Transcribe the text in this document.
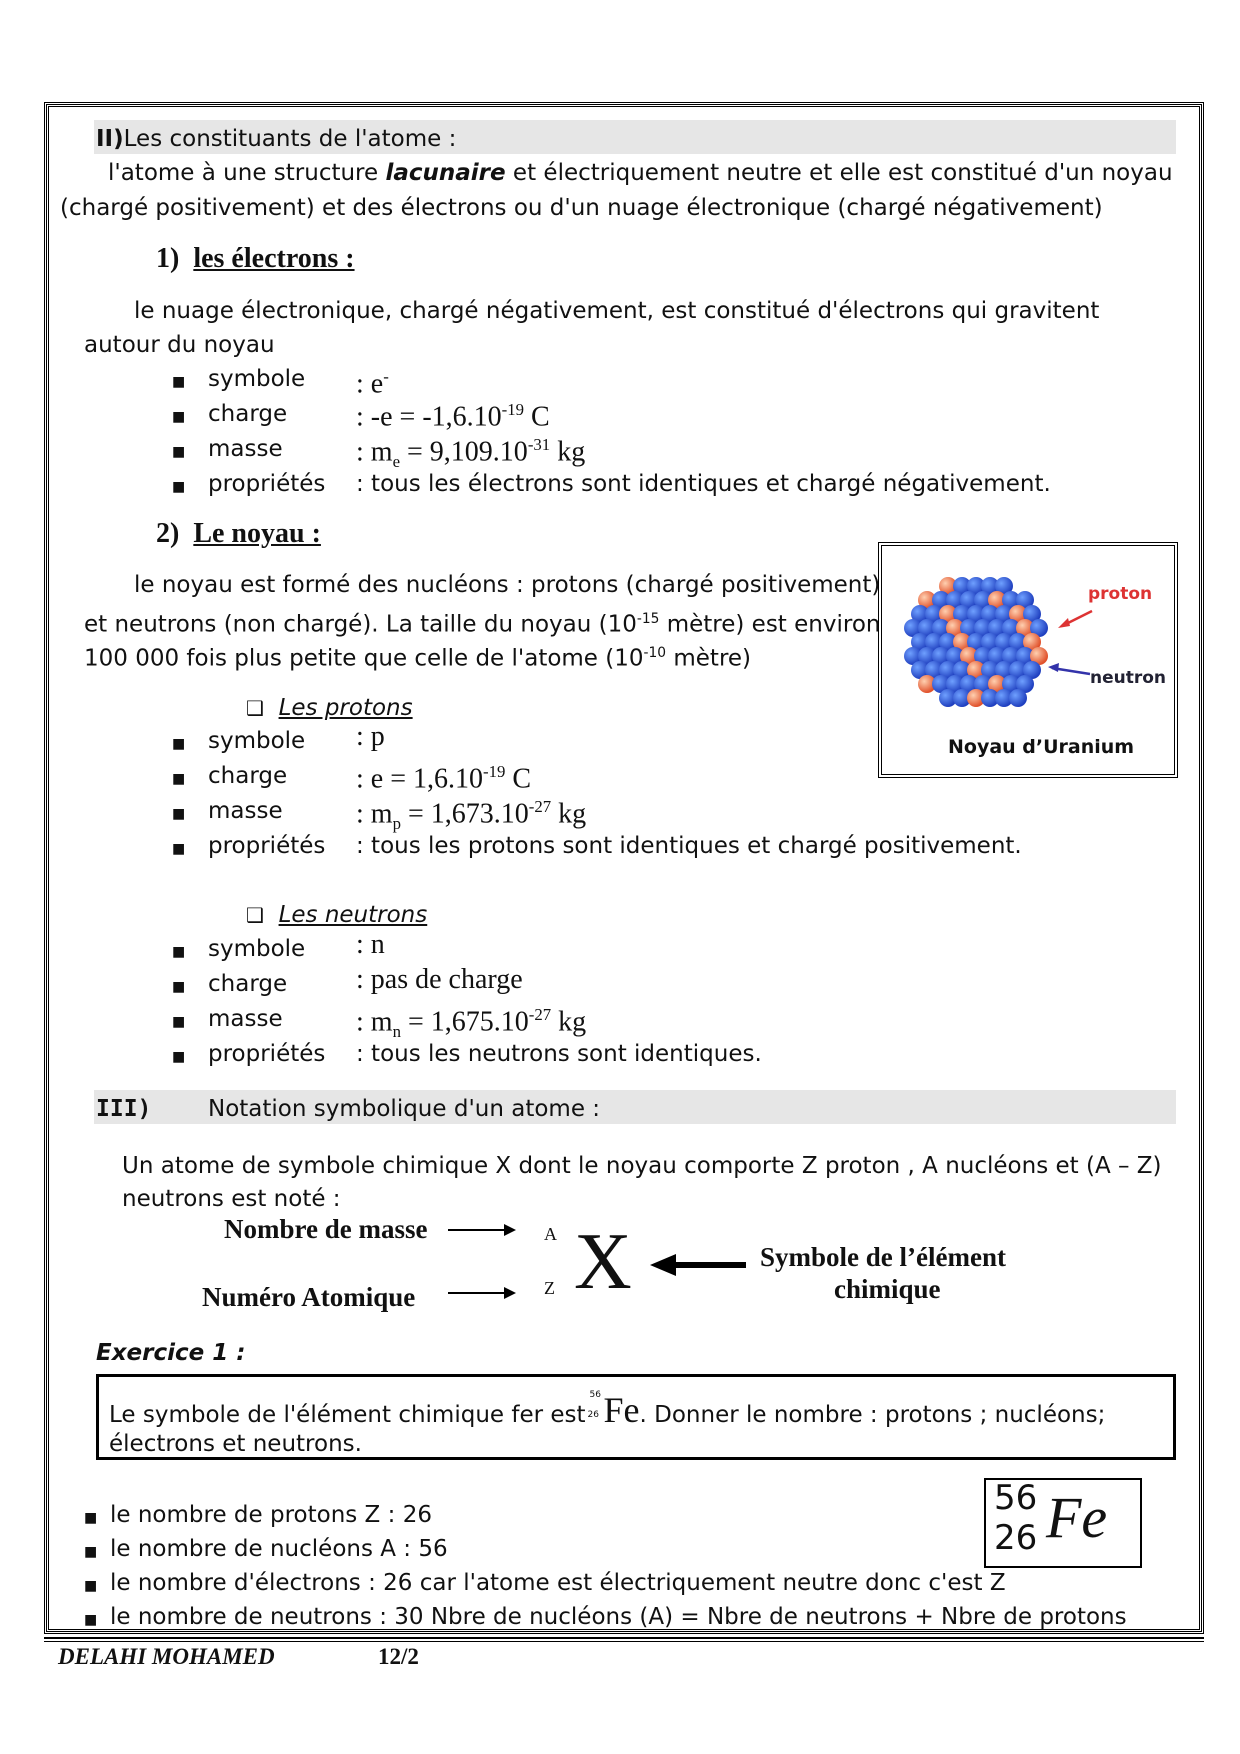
II)Les constituants de l'atome :
l'atome à une structure lacunaire et électriquement neutre et elle est constitué d'un noyau
(chargé positivement) et des électrons ou d'un nuage électronique (chargé négativement)
1) les électrons :
le nuage électronique, chargé négativement, est constitué d'électrons qui gravitent
autour du noyau
■ symbole : e-
■ charge : $-e = -1,6.10^{-19}$ C
■ masse	: $m_e = 9,109.10^{-31}$ kg
■ propriétés : tous les électrons sont identiques et chargé négativement.
2) Le noyau :
le noyau est formé des nucléons : protons (chargé positivement)
et neutrons (non chargé). La taille du noyau ($10^{-15}$ mètre) est environ
100 000 fois plus petite que celle de l'atome ($10^{-10}$ mètre)
proton
neutron
Noyau d’Uranium
❑ Les protons
■ symbole : p
■ charge : $e = 1,6.10^{-19}$ C
■ masse	: $m_p = 1,673.10^{-27}$ kg
■ propriétés : tous les protons sont identiques et chargé positivement.
❑ Les neutrons
■ symbole : n
■ charge : pas de charge
■ masse	: $m_n = 1,675.10^{-27}$ kg
■ propriétés : tous les neutrons sont identiques.
III) Notation symbolique d'un atome :
Un atome de symbole chimique X dont le noyau comporte Z proton , A nucléons et (A – Z)
neutrons est noté :
Nombre de masse
Numéro Atomique
A
Z X	Symbole de l’élément
chimique
Exercice 1 :
Le symbole de l'élément chimique fer est
56
26 Fe. Donner le nombre : protons ; nucléons;
électrons et neutrons.
56
26 Fe
■ le nombre de protons Z : 26
■ le nombre de nucléons A : 56
■ le nombre d'électrons : 26 car l'atome est électriquement neutre donc c'est Z
■ le nombre de neutrons : 30 Nbre de nucléons (A) = Nbre de neutrons + Nbre de protons
DELAHI MOHAMED	12/2
